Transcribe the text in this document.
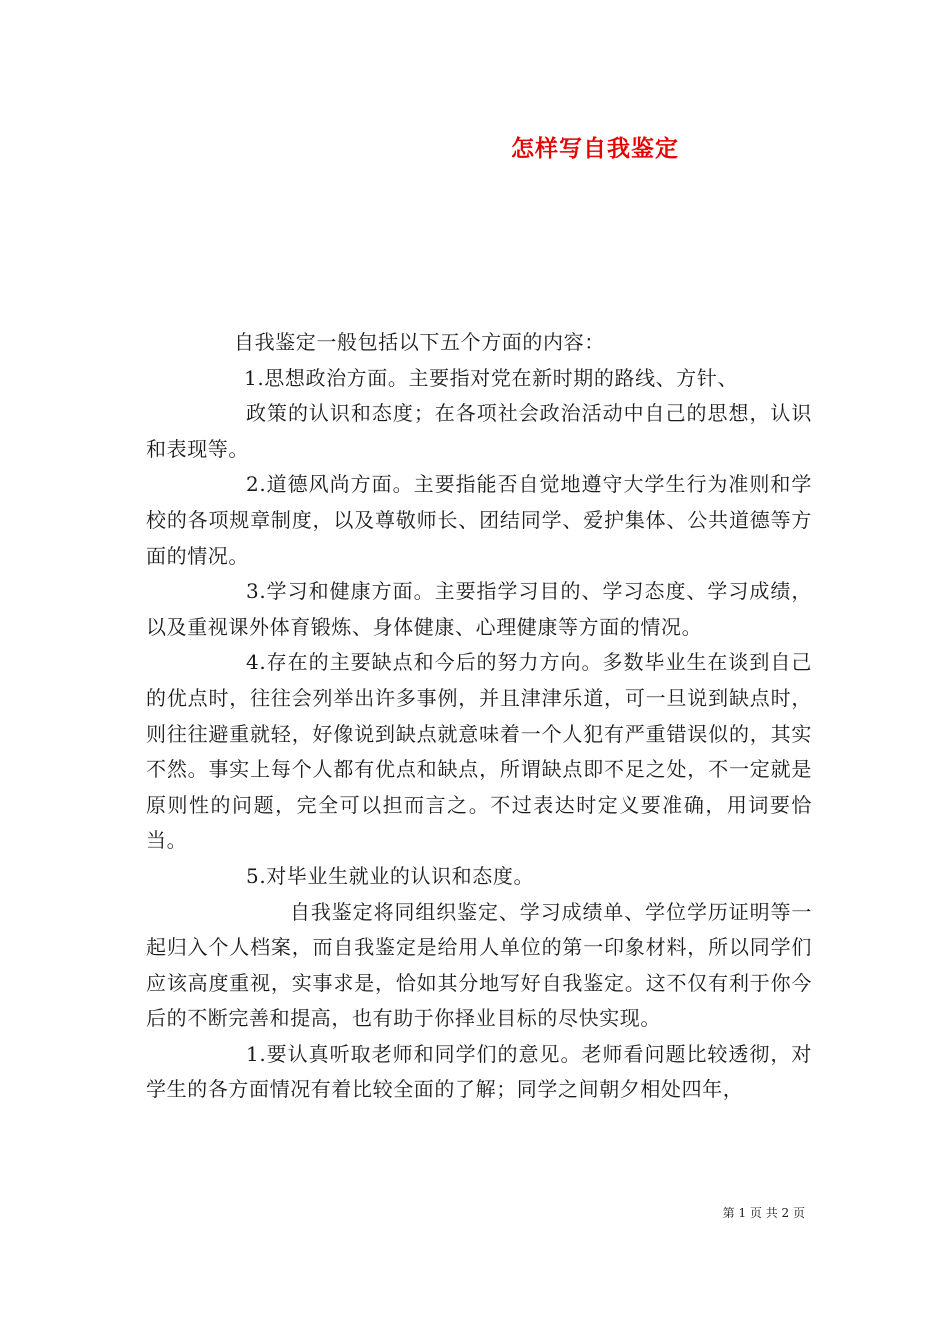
怎样写自我鉴定

自我鉴定一般包括以下五个方面的内容：

1.思想政治方面。主要指对党在新时期的路线、方针、

政策的认识和态度；在各项社会政治活动中自己的思想，认识和表现等。

2.道德风尚方面。主要指能否自觉地遵守大学生行为准则和学校的各项规章制度，以及尊敬师长、团结同学、爱护集体、公共道德等方面的情况。

3.学习和健康方面。主要指学习目的、学习态度、学习成绩，以及重视课外体育锻炼、身体健康、心理健康等方面的情况。

4.存在的主要缺点和今后的努力方向。多数毕业生在谈到自己的优点时，往往会列举出许多事例，并且津津乐道，可一旦说到缺点时，则往往避重就轻，好像说到缺点就意味着一个人犯有严重错误似的，其实不然。事实上每个人都有优点和缺点，所谓缺点即不足之处，不一定就是原则性的问题，完全可以担而言之。不过表达时定义要准确，用词要恰当。

5.对毕业生就业的认识和态度。

自我鉴定将同组织鉴定、学习成绩单、学位学历证明等一起归入个人档案，而自我鉴定是给用人单位的第一印象材料，所以同学们应该高度重视，实事求是，恰如其分地写好自我鉴定。这不仅有利于你今后的不断完善和提高，也有助于你择业目标的尽快实现。

1.要认真听取老师和同学们的意见。老师看问题比较透彻，对学生的各方面情况有着比较全面的了解；同学之间朝夕相处四年，

第 1 页 共 2 页
